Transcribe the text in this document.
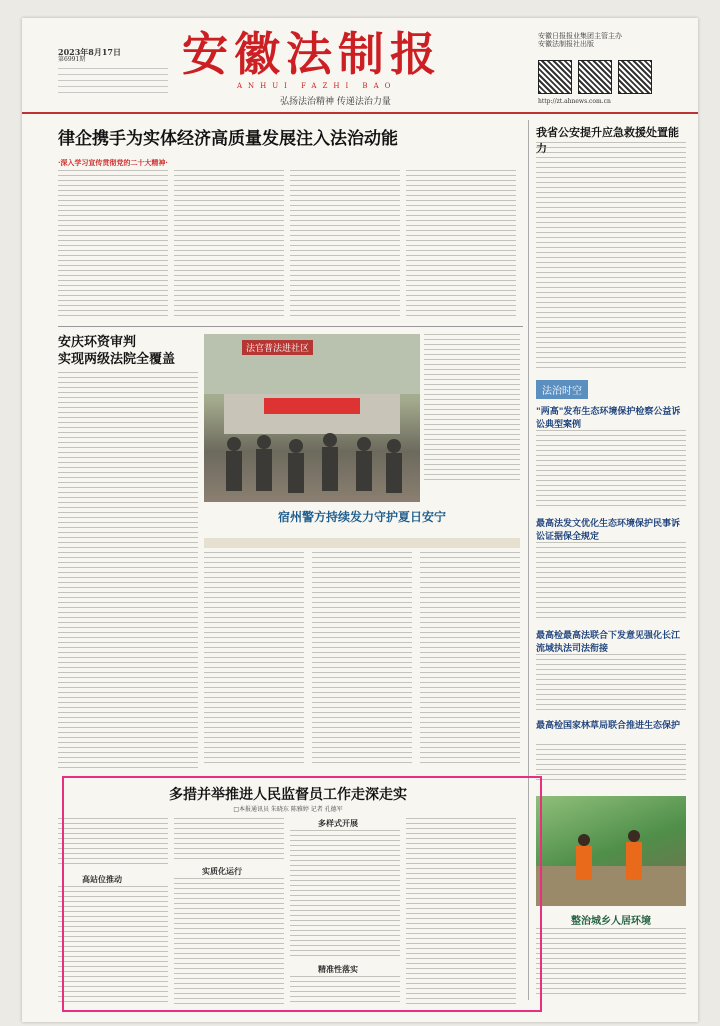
2023年8月17日
第6991期	安徽法制报
ANHUI FAZHI BAO
弘扬法治精神 传递法治力量
安徽日报报业集团主管主办
安徽法制报社出版
http://zt.ahnews.com.cn
律企携手为实体经济高质量发展注入法治动能
·深入学习宣传贯彻党的二十大精神·
我省公安提升应急救援处置能力
安庆环资审判
实现两级法院全覆盖
法官普法进社区
宿州警方持续发力守护夏日安宁
法治时空
"两高"发布生态环境保护检察公益诉讼典型案例
最高法发文优化生态环境保护民事诉讼证据保全规定
最高检最高法联合下发意见强化长江流域执法司法衔接
最高检国家林草局联合推进生态保护
整治城乡人居环境
多措并举推进人民监督员工作走深走实
□本报通讯员 朱晓东 陈雅婷 记者 孔德军
高站位推动
实质化运行
多样式开展
精准性落实
